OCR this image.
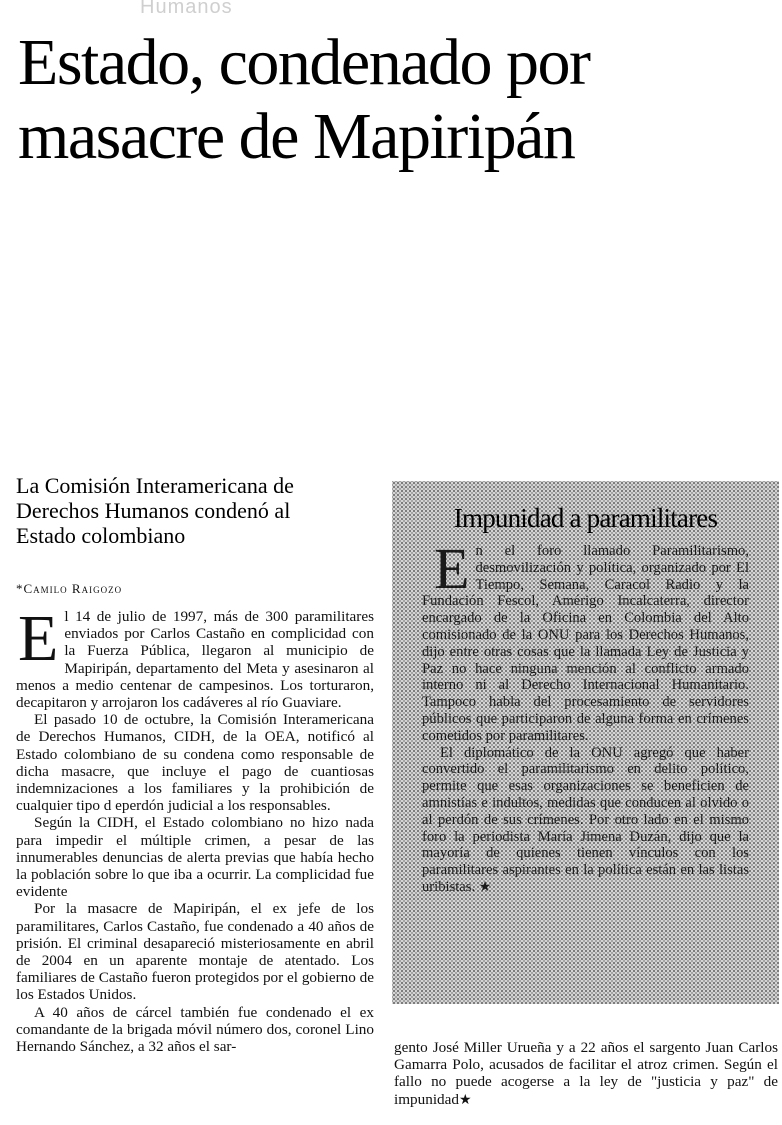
Humanos
Estado, condenado por masacre de Mapiripán
La Comisión Interamericana de Derechos Humanos condenó al Estado colombiano
*Camilo Raigozo

El 14 de julio de 1997, más de 300 paramilitares enviados por Carlos Castaño en complicidad con la Fuerza Pública, llegaron al municipio de Mapiripán, departamento del Meta y asesinaron al menos a medio centenar de campesinos. Los torturaron, decapitaron y arrojaron los cadáveres al río Guaviare.

El pasado 10 de octubre, la Comisión Interamericana de Derechos Humanos, CIDH, de la OEA, notificó al Estado colombiano de su condena como responsable de dicha masacre, que incluye el pago de cuantiosas indemnizaciones a los familiares y la prohibición de cualquier tipo d eperdón judicial a los responsables.

Según la CIDH, el Estado colombiano no hizo nada para impedir el múltiple crimen, a pesar de las innumerables denuncias de alerta previas que había hecho la población sobre lo que iba a ocurrir. La complicidad fue evidente

Por la masacre de Mapiripán, el ex jefe de los paramilitares, Carlos Castaño, fue condenado a 40 años de prisión. El criminal desapareció misteriosamente en abril de 2004 en un aparente montaje de atentado. Los familiares de Castaño fueron protegidos por el gobierno de los Estados Unidos.

A 40 años de cárcel también fue condenado el ex comandante de la brigada móvil número dos, coronel Lino Hernando Sánchez, a 32 años el sar-

Impunidad a paramilitares

En el foro llamado Paramilitarismo, desmovilización y política, organizado por El Tiempo, Semana, Caracol Radio y la Fundación Fescol, Amérigo Incalcaterra, director encargado de la Oficina en Colombia del Alto comisionado de la ONU para los Derechos Humanos, dijo entre otras cosas que la llamada Ley de Justicia y Paz no hace ninguna mención al conflicto armado interno ni al Derecho Internacional Humanitario. Tampoco habla del procesamiento de servidores públicos que participaron de alguna forma en crímenes cometidos por paramilitares.

El diplomático de la ONU agregó que haber convertido el paramilitarismo en delito político, permite que esas organizaciones se beneficien de amnistías e indultos, medidas que conducen al olvido o al perdón de sus crímenes. Por otro lado en el mismo foro la periodista María Jimena Duzán, dijo que la mayoría de quienes tienen vínculos con los paramilitares aspirantes en la política están en las listas uribistas. ★

gento José Miller Urueña y a 22 años el sargento Juan Carlos Gamarra Polo, acusados de facilitar el atroz crimen. Según el fallo no puede acogerse a la ley de "justicia y paz" de impunidad★
